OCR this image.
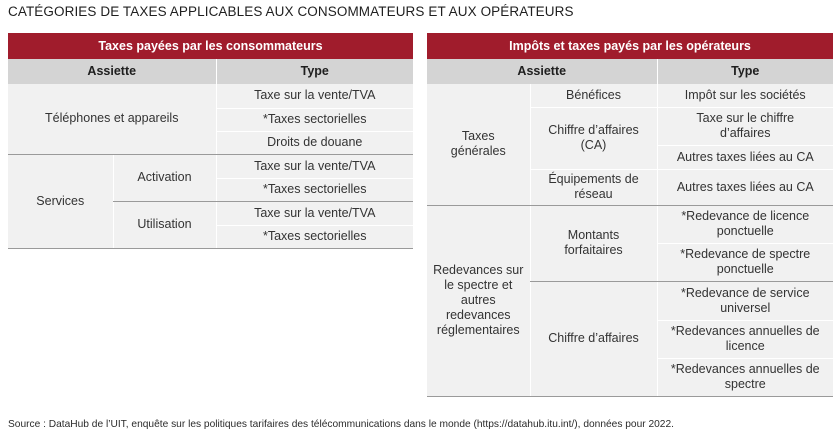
CATÉGORIES DE TAXES APPLICABLES AUX CONSOMMATEURS ET AUX OPÉRATEURS
Taxes payées par les consommateurs		
Assiette		Type
Téléphones et appareils		Taxe sur la vente/TVA
		*Taxes sectorielles
		Droits de douane
Services	Activation	Taxe sur la vente/TVA
		*Taxes sectorielles
	Utilisation	Taxe sur la vente/TVA
		*Taxes sectorielles
Impôts et taxes payés par les opérateurs		
Assiette		Type
Taxes générales	Bénéfices	Impôt sur les sociétés
	Chiffre d’affaires (CA)	Taxe sur le chiffre d’affaires
		Autres taxes liées au CA
	Équipements de réseau	Autres taxes liées au CA
Redevances sur le spectre et autres redevances réglementaires	Montants forfaitaires	*Redevance de licence ponctuelle
		*Redevance de spectre ponctuelle
	Chiffre d’affaires	*Redevance de service universel
		*Redevances annuelles de licence
		*Redevances annuelles de spectre
Source : DataHub de l’UIT, enquête sur les politiques tarifaires des télécommunications dans le monde (https://datahub.itu.int/), données pour 2022.
